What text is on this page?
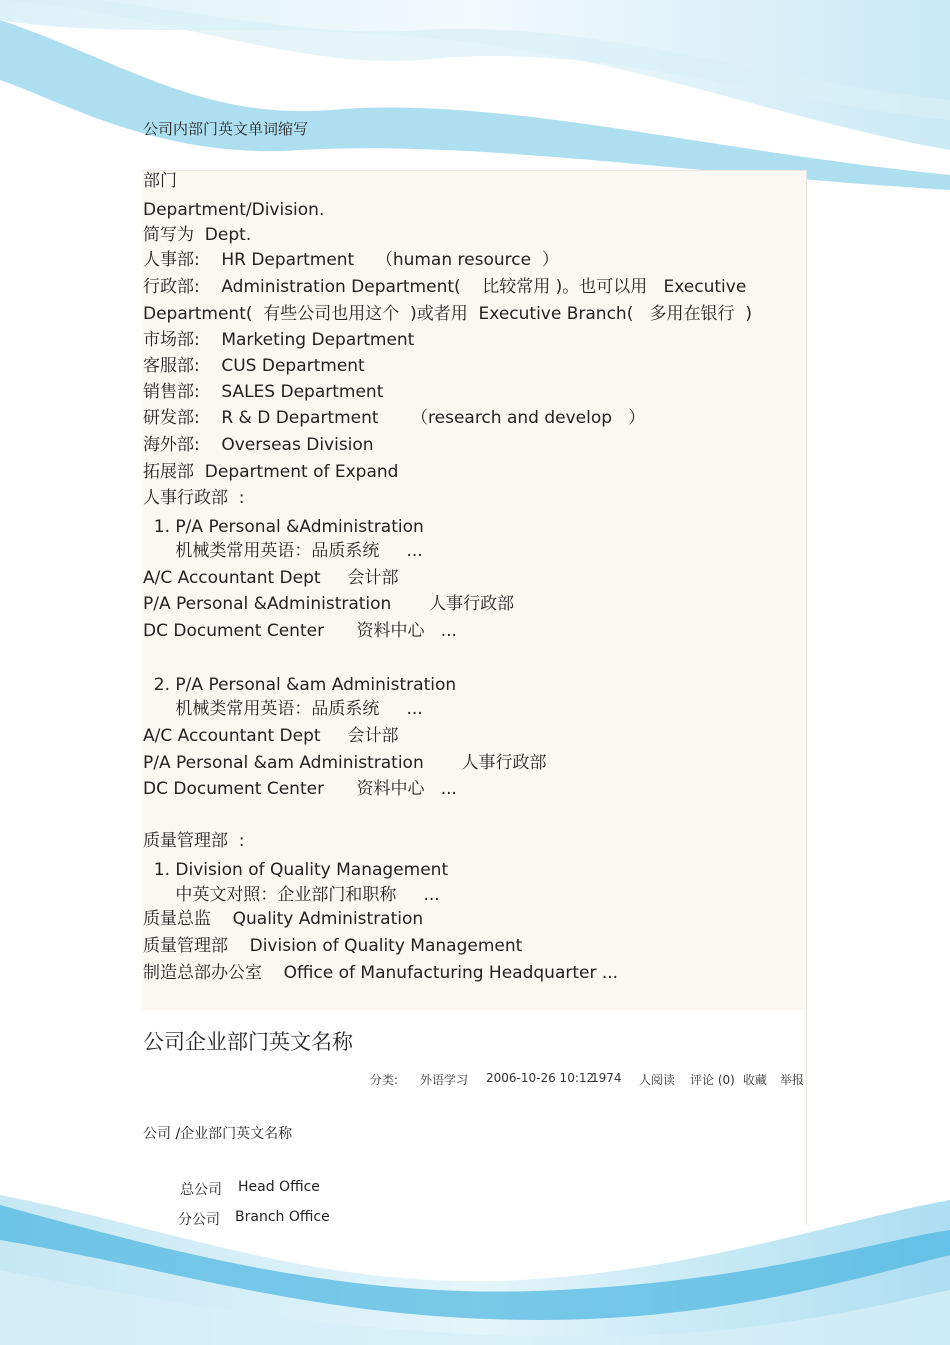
公司内部门英文单词缩写
部门
Department/Division.
简写为  Dept.
人事部:    HR Department    （human resource  ）
行政部:    Administration Department(    比较常用 )。也可以用   Executive
Department(  有些公司也用这个  )或者用  Executive Branch(   多用在银行  )
市场部:    Marketing Department
客服部:    CUS Department
销售部:    SALES Department
研发部:    R & D Department      （research and develop   ）
海外部:    Overseas Division
拓展部  Department of Expand
人事行政部  :
1. P/A Personal &Administration
机械类常用英语：品质系统     ...
A/C Accountant Dept     会计部
P/A Personal &Administration       人事行政部
DC Document Center      资料中心   ...
2. P/A Personal &am Administration
机械类常用英语：品质系统     ...
A/C Accountant Dept     会计部
P/A Personal &am Administration       人事行政部
DC Document Center      资料中心   ...
质量管理部  :
1. Division of Quality Management
中英文对照：企业部门和职称     ...
质量总监    Quality Administration
质量管理部    Division of Quality Management
制造总部办公室    Office of Manufacturing Headquarter ...
公司企业部门英文名称
分类: 外语学习 2006-10-26 10:12
1974 人阅读 评论 (0) 收藏 举报
公司 /企业部门英文名称
总公司 Head Office
分公司 Branch Office
